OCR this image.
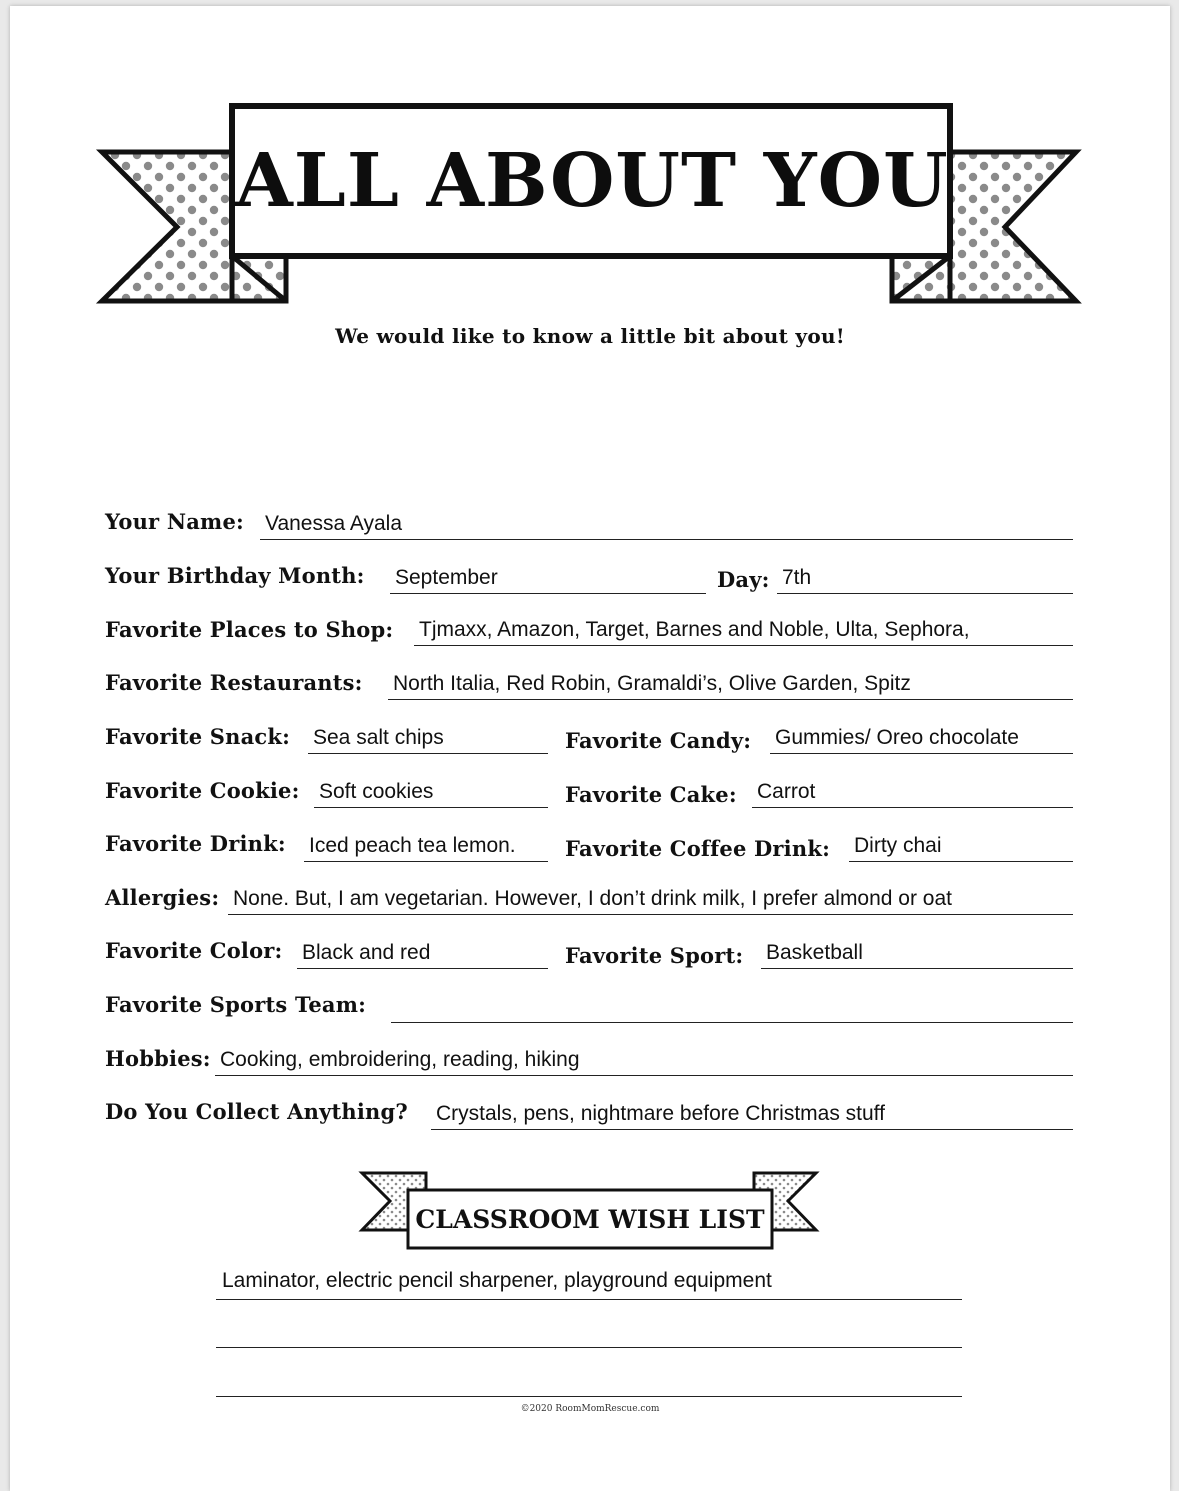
ALL ABOUT YOU
We would like to know a little bit about you!
Your Name: Vanessa Ayala
Your Birthday Month: September	Day: 7th
Favorite Places to Shop: Tjmaxx, Amazon, Target, Barnes and Noble, Ulta, Sephora,
Favorite Restaurants: North Italia, Red Robin, Gramaldi’s, Olive Garden, Spitz
Favorite Snack: Sea salt chips	Favorite Candy: Gummies/ Oreo chocolate
Favorite Cookie: Soft cookies	Favorite Cake: Carrot
Favorite Drink: Iced peach tea lemon.	Favorite Coffee Drink: Dirty chai
Allergies: None. But, I am vegetarian. However, I don’t drink milk, I prefer almond or oat
Favorite Color: Black and red	Favorite Sport: Basketball
Favorite Sports Team:
Hobbies: Cooking, embroidering, reading, hiking
Do You Collect Anything? Crystals, pens, nightmare before Christmas stuff
CLASSROOM WISH LIST
Laminator, electric pencil sharpener, playground equipment
©2020 RoomMomRescue.com
